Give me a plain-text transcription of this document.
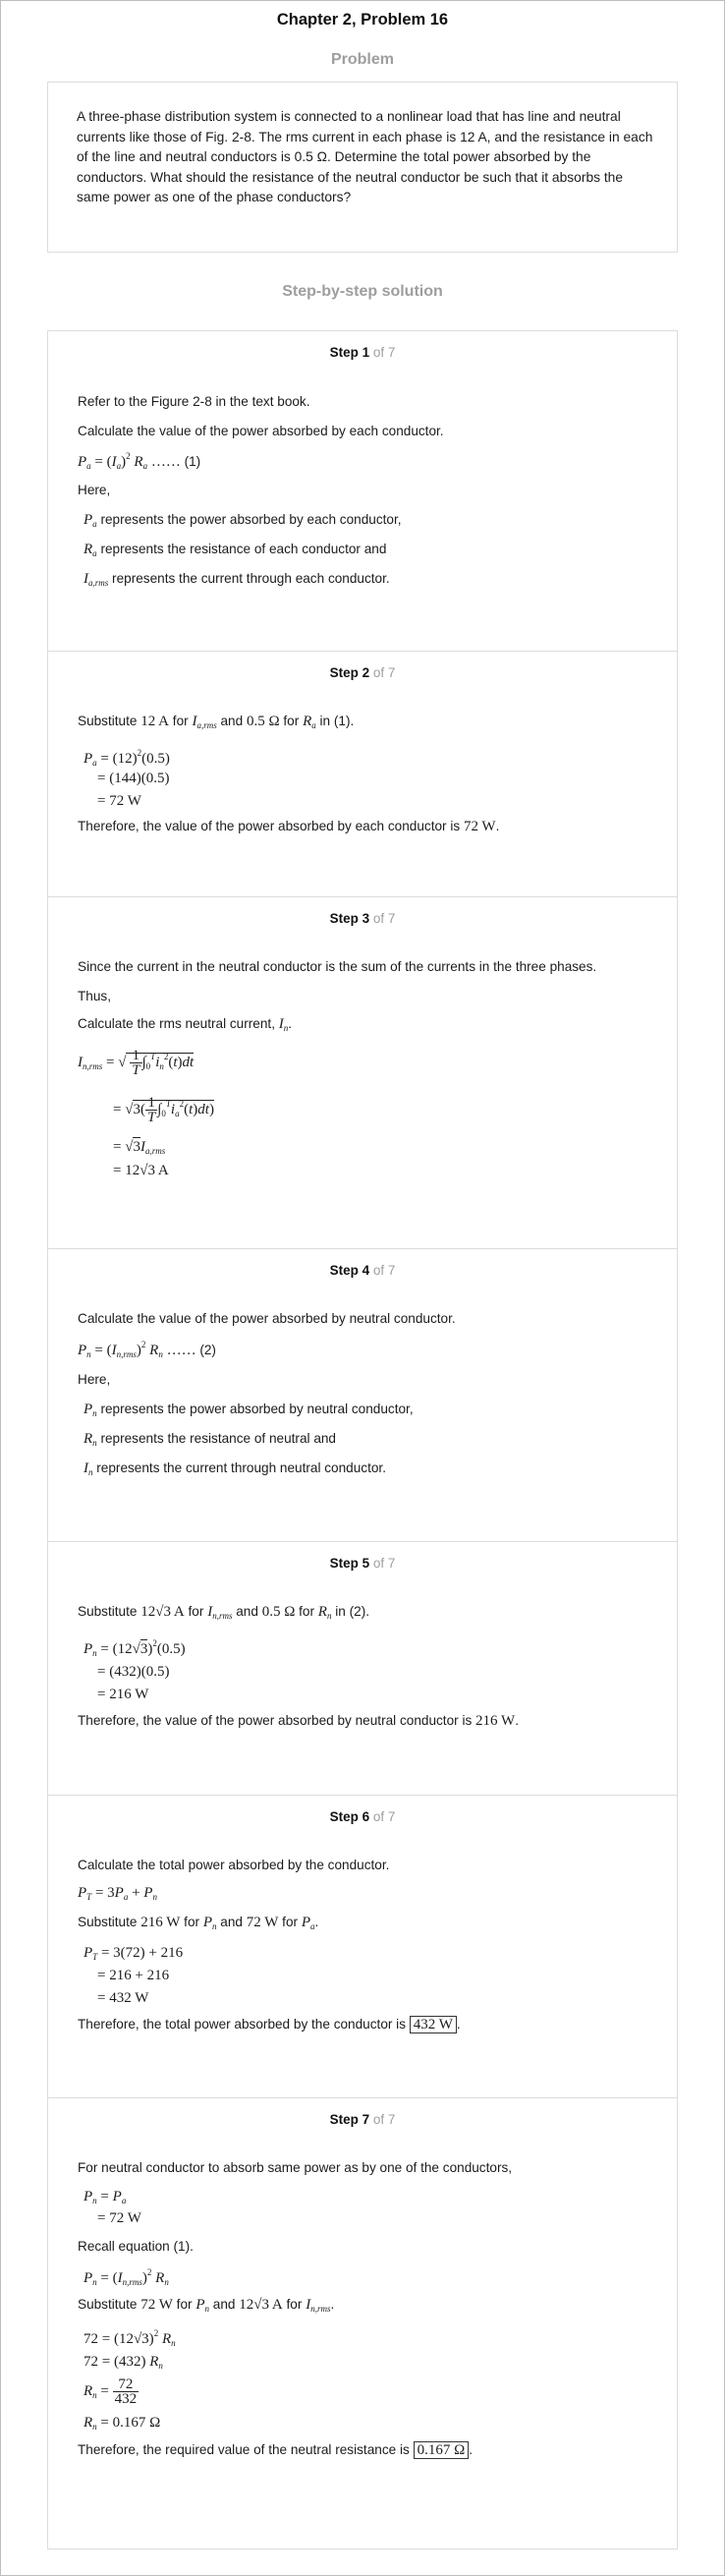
Chapter 2, Problem 16
Problem
A three-phase distribution system is connected to a nonlinear load that has line and neutral currents like those of Fig. 2-8. The rms current in each phase is 12 A, and the resistance in each of the line and neutral conductors is 0.5 Ω. Determine the total power absorbed by the conductors. What should the resistance of the neutral conductor be such that it absorbs the same power as one of the phase conductors?
Step-by-step solution
Step 1 of 7
Refer to the Figure 2-8 in the text book.
Calculate the value of the power absorbed by each conductor.
$P_a = (I_a)^2$ $R_a$ …… (1)
Here,
$P_a$ represents the power absorbed by each conductor,
$R_a$ represents the resistance of each conductor and
$I_{a,rms}$ represents the current through each conductor.
Step 2 of 7
Substitute 12 A for $I_{a,rms}$ and 0.5 Ω for $R_a$ in (1).
$P_a = (12)^2(0.5)$
= (144)(0.5)
= 72 W
Therefore, the value of the power absorbed by each conductor is 72 W.
Step 3 of 7
Since the current in the neutral conductor is the sum of the currents in the three phases.
Thus,
Calculate the rms neutral current, $I_n$.
$I_{n,rms}$ = √ $\frac{1}{T} \int_0^Ti_n^2(t)dt$
= $√3( \frac{1}{T} \int_0^Ti_a^2(t)dt)$
= $√3I_{a,rms}$
= 12√3 A
Step 4 of 7
Calculate the value of the power absorbed by neutral conductor.
$P_n = (I_{n,rms})^2$ $R_n$ …… (2)
Here,
$P_n$ represents the power absorbed by neutral conductor,
$R_n$ represents the resistance of neutral and
$I_n$ represents the current through neutral conductor.
Step 5 of 7
Substitute 12√3 A for $I_{n,rms}$ and 0.5 Ω for $R_n$ in (2).
$P_n = (12√3)^2(0.5)$
= (432)(0.5)
= 216 W
Therefore, the value of the power absorbed by neutral conductor is 216 W.
Step 6 of 7
Calculate the total power absorbed by the conductor.
$P_T = 3P_a + P_n$
Substitute 216 W for $P_n$ and 72 W for $P_a$.
$P_T = 3(72) + 216$
= 216 + 216
= 432 W
Therefore, the total power absorbed by the conductor is 432 W .
Step 7 of 7
For neutral conductor to absorb same power as by one of the conductors,
$P_n = P_a$
= 72 W
Recall equation (1).
$P_n = (I_{n,rms})^2$ $R_n$
Substitute 72 W for $P_n$ and 12√3 A for $I_{n,rms}$.
$72 = (12√3)^2$ $R_n$
72 = (432) $R_n$
$R_n = \frac{72}{432}$
$R_n = 0.167$ Ω
Therefore, the required value of the neutral resistance is 0.167 Ω .
